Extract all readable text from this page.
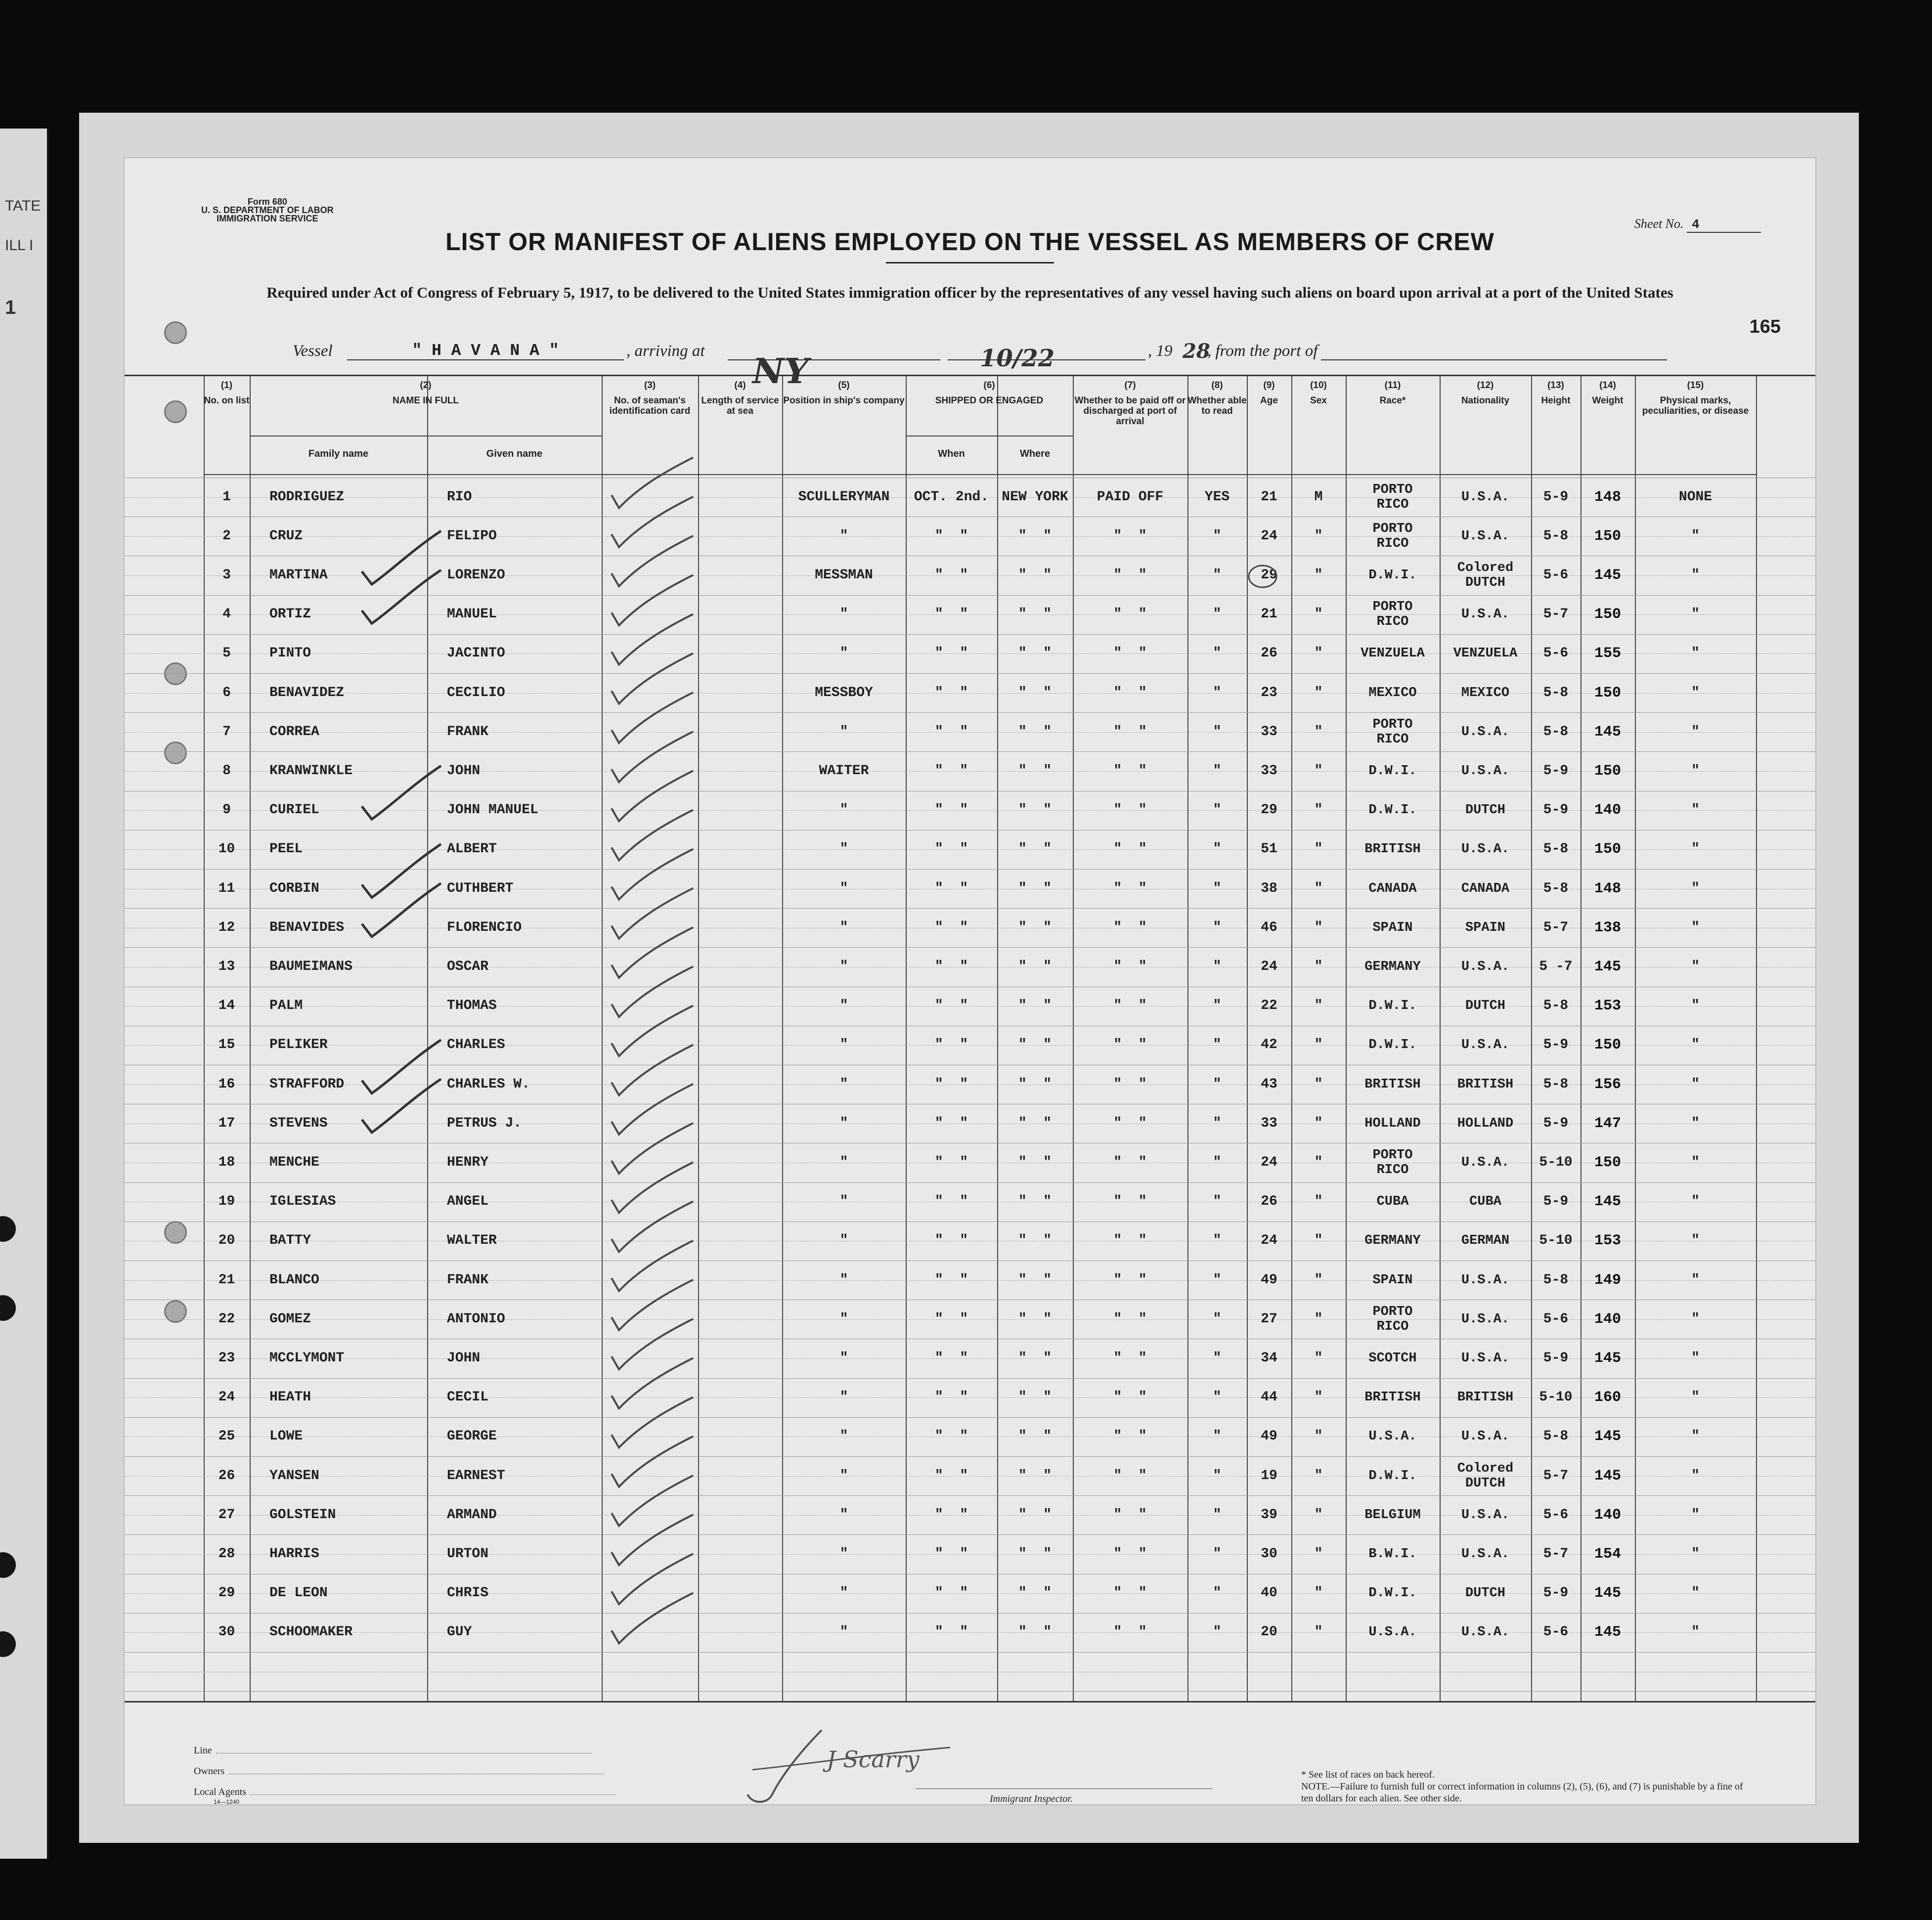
TATE
ILL I
1
Form 680
U. S. DEPARTMENT OF LABOR
IMMIGRATION SERVICE	Sheet No. 4
LIST OR MANIFEST OF ALIENS EMPLOYED ON THE VESSEL AS MEMBERS OF CREW
Required under Act of Congress of February 5, 1917, to be delivered to the United States immigration officer by the representatives of any vessel having such aliens on board upon arrival at a port of the United States
165
Vessel	" H A V A N A "	, arriving at NY	10/22	, 19 28
, from the port of
(1)
No. on list
(2)
NAME IN FULL
Family name	Given name
(3)
No. of seaman's identification card
(4)
Length of service at sea
(5)
Position in ship's company
(6)
SHIPPED OR ENGAGED
When	Where
(7)
Whether to be paid off or discharged at port of arrival
(8)
Whether able to read
(9)
Age
(10)
Sex
(11)
Race*
(12)
Nationality
(13)
Height
(14)
Weight
(15)
Physical marks, peculiarities, or disease
1	RODRIGUEZ	RIO	SCULLERYMAN	OCT. 2nd. NEW YORK	PAID OFF	YES	21	M	PORTO
RICO	U.S.A.	5-9	148	NONE
2	CRUZ	FELIPO	"	"  "	"  "	"  "	"	24	"	PORTO
RICO	U.S.A.	5-8	150	"
3	MARTINA	LORENZO	MESSMAN	"  "	"  "	"  "	"	29	"	D.W.I.	Colored
DUTCH	5-6	145	"
4	ORTIZ	MANUEL	"	"  "	"  "	"  "	"	21	"	PORTO
RICO	U.S.A.	5-7	150	"
5	PINTO	JACINTO	"	"  "	"  "	"  "	"	26	"	VENZUELA	VENZUELA	5-6	155	"
6	BENAVIDEZ	CECILIO	MESSBOY	"  "	"  "	"  "	"	23	"	MEXICO	MEXICO	5-8	150	"
7	CORREA	FRANK	"	"  "	"  "	"  "	"	33	"	PORTO
RICO	U.S.A.	5-8	145	"
8	KRANWINKLE	JOHN	WAITER	"  "	"  "	"  "	"	33	"	D.W.I.	U.S.A.	5-9	150	"
9	CURIEL	JOHN MANUEL	"	"  "	"  "	"  "	"	29	"	D.W.I.	DUTCH	5-9	140	"
10	PEEL	ALBERT	"	"  "	"  "	"  "	"	51	"	BRITISH	U.S.A.	5-8	150	"
11	CORBIN	CUTHBERT	"	"  "	"  "	"  "	"	38	"	CANADA	CANADA	5-8	148	"
12	BENAVIDES	FLORENCIO	"	"  "	"  "	"  "	"	46	"	SPAIN	SPAIN	5-7	138	"
13	BAUMEIMANS	OSCAR	"	"  "	"  "	"  "	"	24	"	GERMANY	U.S.A.	5 -7	145	"
14	PALM	THOMAS	"	"  "	"  "	"  "	"	22	"	D.W.I.	DUTCH	5-8	153	"
15	PELIKER	CHARLES	"	"  "	"  "	"  "	"	42	"	D.W.I.	U.S.A.	5-9	150	"
16	STRAFFORD	CHARLES W.	"	"  "	"  "	"  "	"	43	"	BRITISH	BRITISH	5-8	156	"
17	STEVENS	PETRUS J.	"	"  "	"  "	"  "	"	33	"	HOLLAND	HOLLAND	5-9	147	"
18	MENCHE	HENRY	"	"  "	"  "	"  "	"	24	"	PORTO
RICO	U.S.A.	5-10	150	"
19	IGLESIAS	ANGEL	"	"  "	"  "	"  "	"	26	"	CUBA	CUBA	5-9	145	"
20	BATTY	WALTER	"	"  "	"  "	"  "	"	24	"	GERMANY	GERMAN	5-10	153	"
21	BLANCO	FRANK	"	"  "	"  "	"  "	"	49	"	SPAIN	U.S.A.	5-8	149	"
22	GOMEZ	ANTONIO	"	"  "	"  "	"  "	"	27	"	PORTO
RICO	U.S.A.	5-6	140	"
23	MCCLYMONT	JOHN	"	"  "	"  "	"  "	"	34	"	SCOTCH	U.S.A.	5-9	145	"
24	HEATH	CECIL	"	"  "	"  "	"  "	"	44	"	BRITISH	BRITISH	5-10	160	"
25	LOWE	GEORGE	"	"  "	"  "	"  "	"	49	"	U.S.A.	U.S.A.	5-8	145	"
26	YANSEN	EARNEST	"	"  "	"  "	"  "	"	19	"	D.W.I.	Colored
DUTCH	5-7	145	"
27	GOLSTEIN	ARMAND	"	"  "	"  "	"  "	"	39	"	BELGIUM	U.S.A.	5-6	140	"
28	HARRIS	URTON	"	"  "	"  "	"  "	"	30	"	B.W.I.	U.S.A.	5-7	154	"
29	DE LEON	CHRIS	"	"  "	"  "	"  "	"	40	"	D.W.I.	DUTCH	5-9	145	"
30	SCHOOMAKER	GUY	"	"  "	"  "	"  "	"	20	"	U.S.A.	U.S.A.	5-6	145	"
Line
Owners
Local Agents
14—1240
J Scarry
Immigrant Inspector.
* See list of races on back hereof.
NOTE.—Failure to furnish full or correct information in columns (2), (5), (6), and (7) is punishable by a fine of ten dollars for each alien. See other side.
